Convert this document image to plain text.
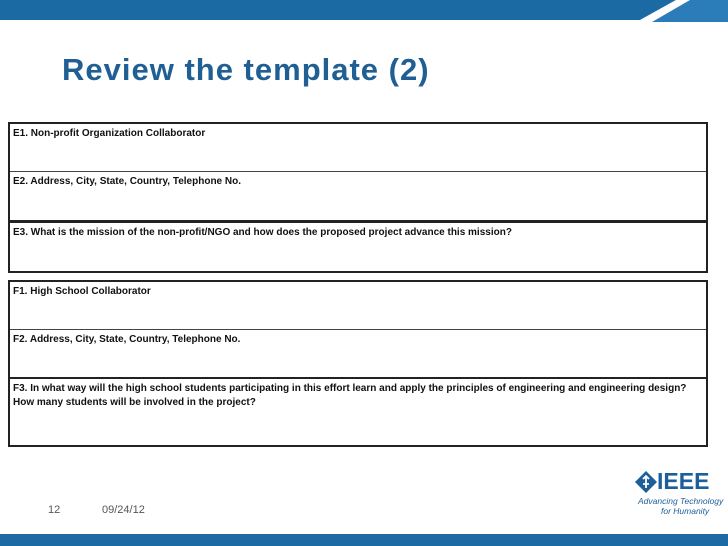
Review the template (2)
E1. Non-profit Organization Collaborator
E2. Address, City, State, Country, Telephone No.
E3. What is the mission of the non-profit/NGO and how does the proposed project advance this mission?
F1. High School Collaborator
F2. Address, City, State, Country, Telephone No.
F3. In what way will the high school students participating in this effort learn and apply the principles of engineering and engineering design? How many students will be involved in the project?
12	09/24/12
IEEE
Advancing Technology
for Humanity
